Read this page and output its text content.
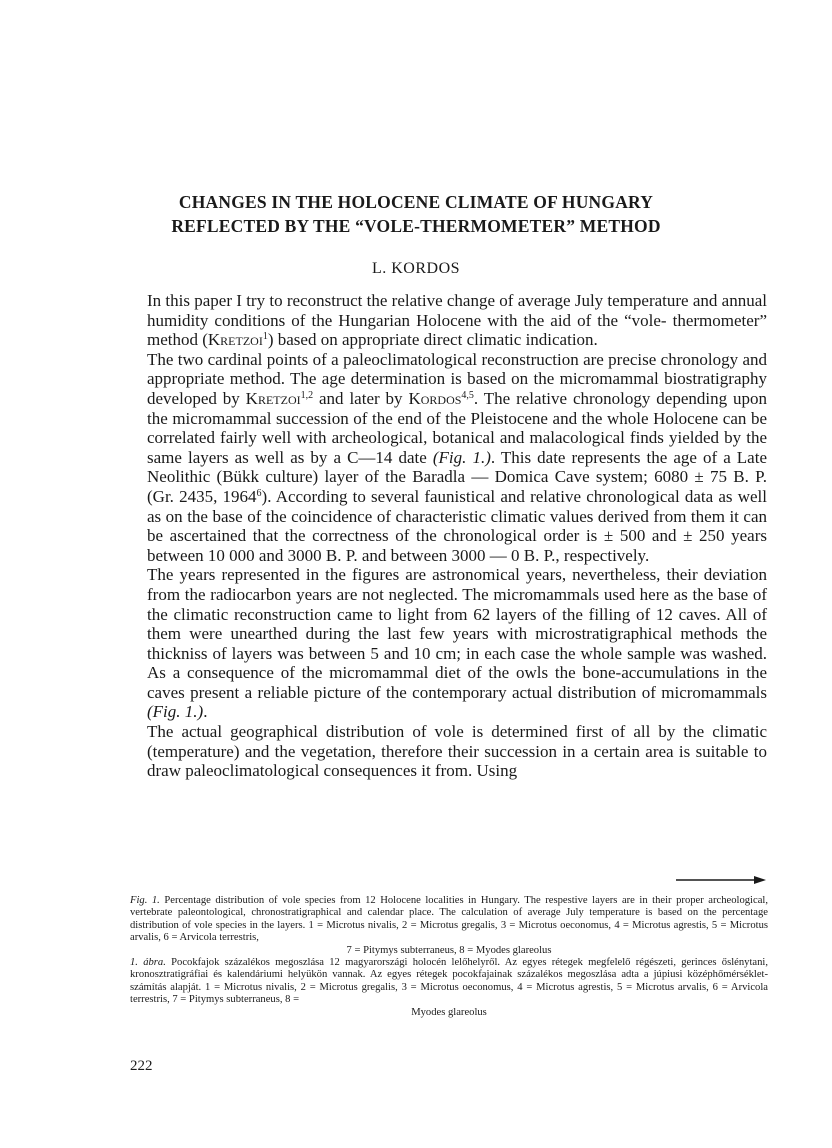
CHANGES IN THE HOLOCENE CLIMATE OF HUNGARY
REFLECTED BY THE “VOLE-THERMOMETER” METHOD
L. KORDOS

In this paper I try to reconstruct the relative change of average July temperature and annual humidity conditions of the Hungarian Holocene with the aid of the “vole- thermometer” method (Kretzoi$^1$) based on appropriate direct climatic indication.

The two cardinal points of a paleoclimatological reconstruction are precise chronology and appropriate method. The age determination is based on the micromammal biostratigraphy developed by Kretzoi$^{1,2}$ and later by Kordos$^{4,5}$. The relative chronology depending upon the micromammal succession of the end of the Pleistocene and the whole Holocene can be correlated fairly well with archeological, botanical and malacological finds yielded by the same layers as well as by a C—14 date (Fig. 1.). This date represents the age of a Late Neolithic (Bükk culture) layer of the Baradla — Domica Cave system; 6080 ± 75 B. P. (Gr. 2435, 1964$^6$). According to several faunistical and relative chronological data as well as on the base of the coincidence of characteristic climatic values derived from them it can be ascertained that the correctness of the chronological order is ± 500 and ± 250 years between 10 000 and 3000 B. P. and between 3000 — 0 B. P., respectively.

The years represented in the figures are astronomical years, nevertheless, their deviation from the radiocarbon years are not neglected. The micromammals used here as the base of the climatic reconstruction came to light from 62 layers of the filling of 12 caves. All of them were unearthed during the last few years with microstratigraphical methods the thickniss of layers was between 5 and 10 cm; in each case the whole sample was washed. As a consequence of the micromammal diet of the owls the bone-accumulations in the caves present a reliable picture of the contemporary actual distribution of micromammals (Fig. 1.).

The actual geographical distribution of vole is determined first of all by the climatic (temperature) and the vegetation, therefore their succession in a certain area is suitable to draw paleoclimatological consequences it from. Using

Fig. 1. Percentage distribution of vole species from 12 Holocene localities in Hungary. The respestive layers are in their proper archeological, vertebrate paleontological, chronostratigraphical and calendar place. The calculation of average July temperature is based on the percentage distribution of vole species in the layers. 1 = Microtus nivalis, 2 = Microtus gregalis, 3 = Microtus oeconomus, 4 = Microtus agrestis, 5 = Microtus arvalis, 6 = Arvicola terrestris,
7 = Pitymys subterraneus, 8 = Myodes glareolus
1. ábra. Pocokfajok százalékos megoszlása 12 magyarországi holocén lelőhelyről. Az egyes rétegek megfelelő régészeti, gerinces őslénytani, kronosztratigráfiai és kalendáriumi helyükön vannak. Az egyes rétegek pocokfajainak százalékos megoszlása adta a júpiusi középhőmérséklet-számítás alapját. 1 = Microtus nivalis, 2 = Microtus gregalis, 3 = Microtus oeconomus, 4 = Microtus agrestis, 5 = Microtus arvalis, 6 = Arvicola terrestris, 7 = Pitymys subterraneus, 8 =
Myodes glareolus
222
